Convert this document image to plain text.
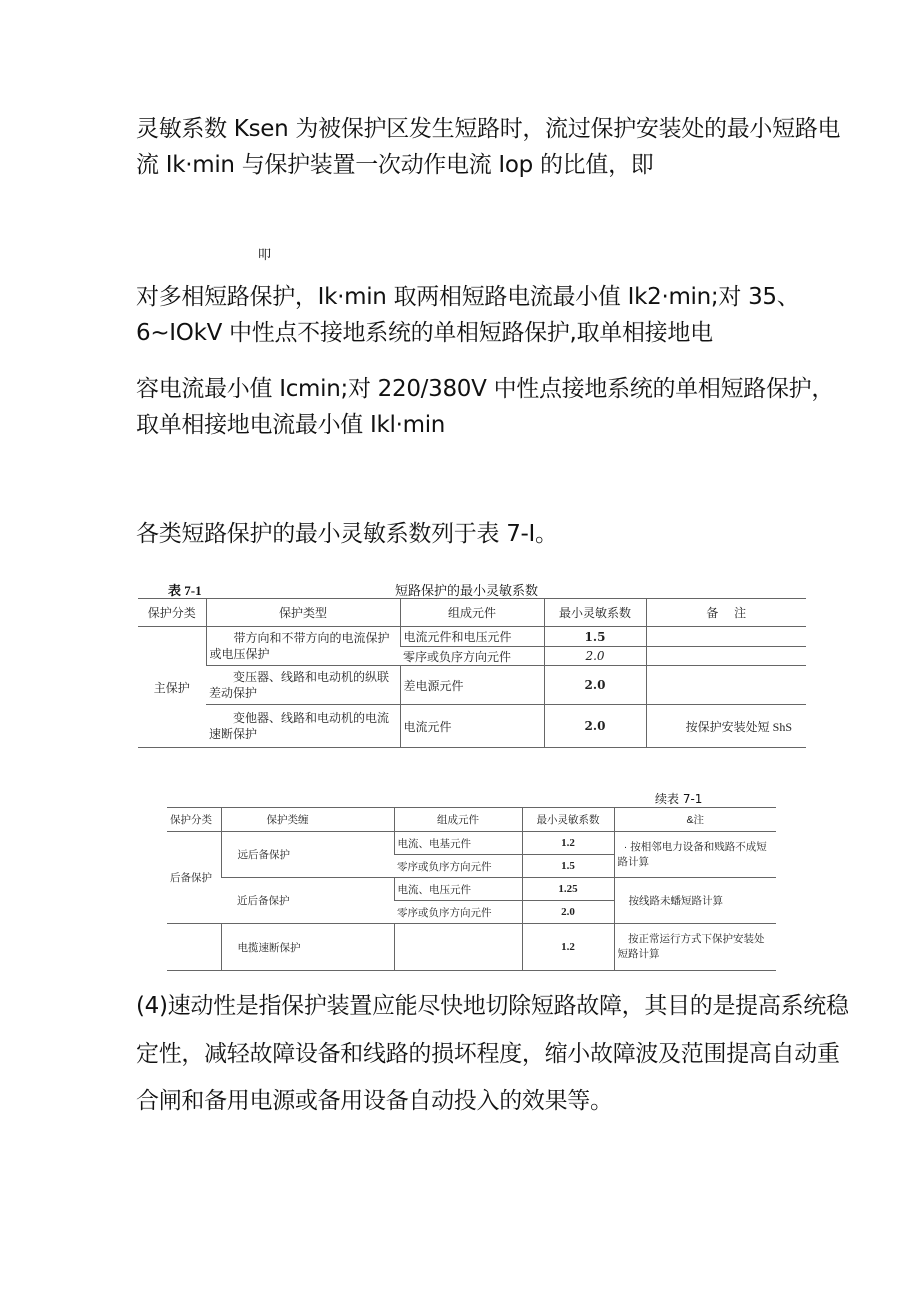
灵敏系数 Ksen 为被保护区发生短路时，流过保护安装处的最小短路电
流 Ik·min 与保护装置一次动作电流 Iop 的比值，即
叩
对多相短路保护，Ik·min 取两相短路电流最小值 Ik2·min;对 35、
6~IOkV 中性点不接地系统的单相短路保护,取单相接地电
容电流最小值 Icmin;对 220/380V 中性点接地系统的单相短路保护，
取单相接地电流最小值 Ikl·min
各类短路保护的最小灵敏系数列于表 7-I。
表 7-1	短路保护的最小灵敏系数
保护分类	保护类型	组成元件	最小灵敏系数	备　 注
主保护	带方向和不带方向的电流保护或电压保护	电流元件和电压元件	1.5	
		零序或负序方向元件	2.0	
	变压器、线路和电动机的纵联差动保护	差电源元件	2.0	
	变他器、线路和电动机的电流速断保护	电流元件	2.0	按保护安装处短 ShS
续表 7-1
保护分类	保护类缠	组成元件	最小灵敏系数	&注
后备保护	远后备保护	电流、电基元件	1.2	· 按相邻电力设备和贱路不成短路计算
		零序或负序方向元件	1.5	
	近后备保护	电流、电压元件	1.25	按线路未蟠短路计算
		零序或负序方向元件	2.0	
	电揽速断保护		1.2	按正常运行方式下保护安装处短路计算
(4)速动性是指保护装置应能尽快地切除短路故障，其目的是提高系统稳
定性，减轻故障设备和线路的损坏程度，缩小故障波及范围提高自动重
合闸和备用电源或备用设备自动投入的效果等。
